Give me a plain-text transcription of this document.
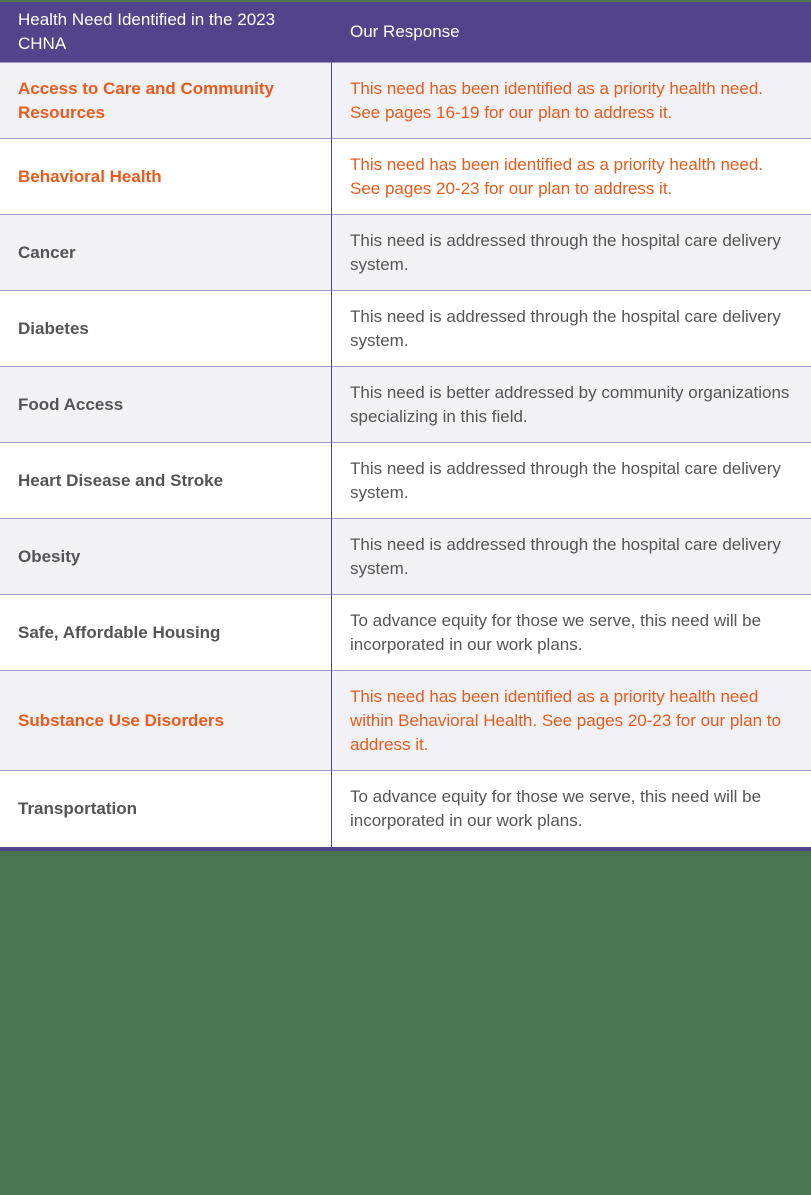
Health Need Identified in the 2023 CHNA	Our Response
Access to Care and Community Resources	This need has been identified as a priority health need. See pages 16-19 for our plan to address it.
Behavioral Health	This need has been identified as a priority health need. See pages 20-23 for our plan to address it.
Cancer	This need is addressed through the hospital care delivery system.
Diabetes	This need is addressed through the hospital care delivery system.
Food Access	This need is better addressed by community organizations specializing in this field.
Heart Disease and Stroke	This need is addressed through the hospital care delivery system.
Obesity	This need is addressed through the hospital care delivery system.
Safe, Affordable Housing	To advance equity for those we serve, this need will be incorporated in our work plans.
Substance Use Disorders	This need has been identified as a priority health need within Behavioral Health. See pages 20-23 for our plan to address it.
Transportation	To advance equity for those we serve, this need will be incorporated in our work plans.
